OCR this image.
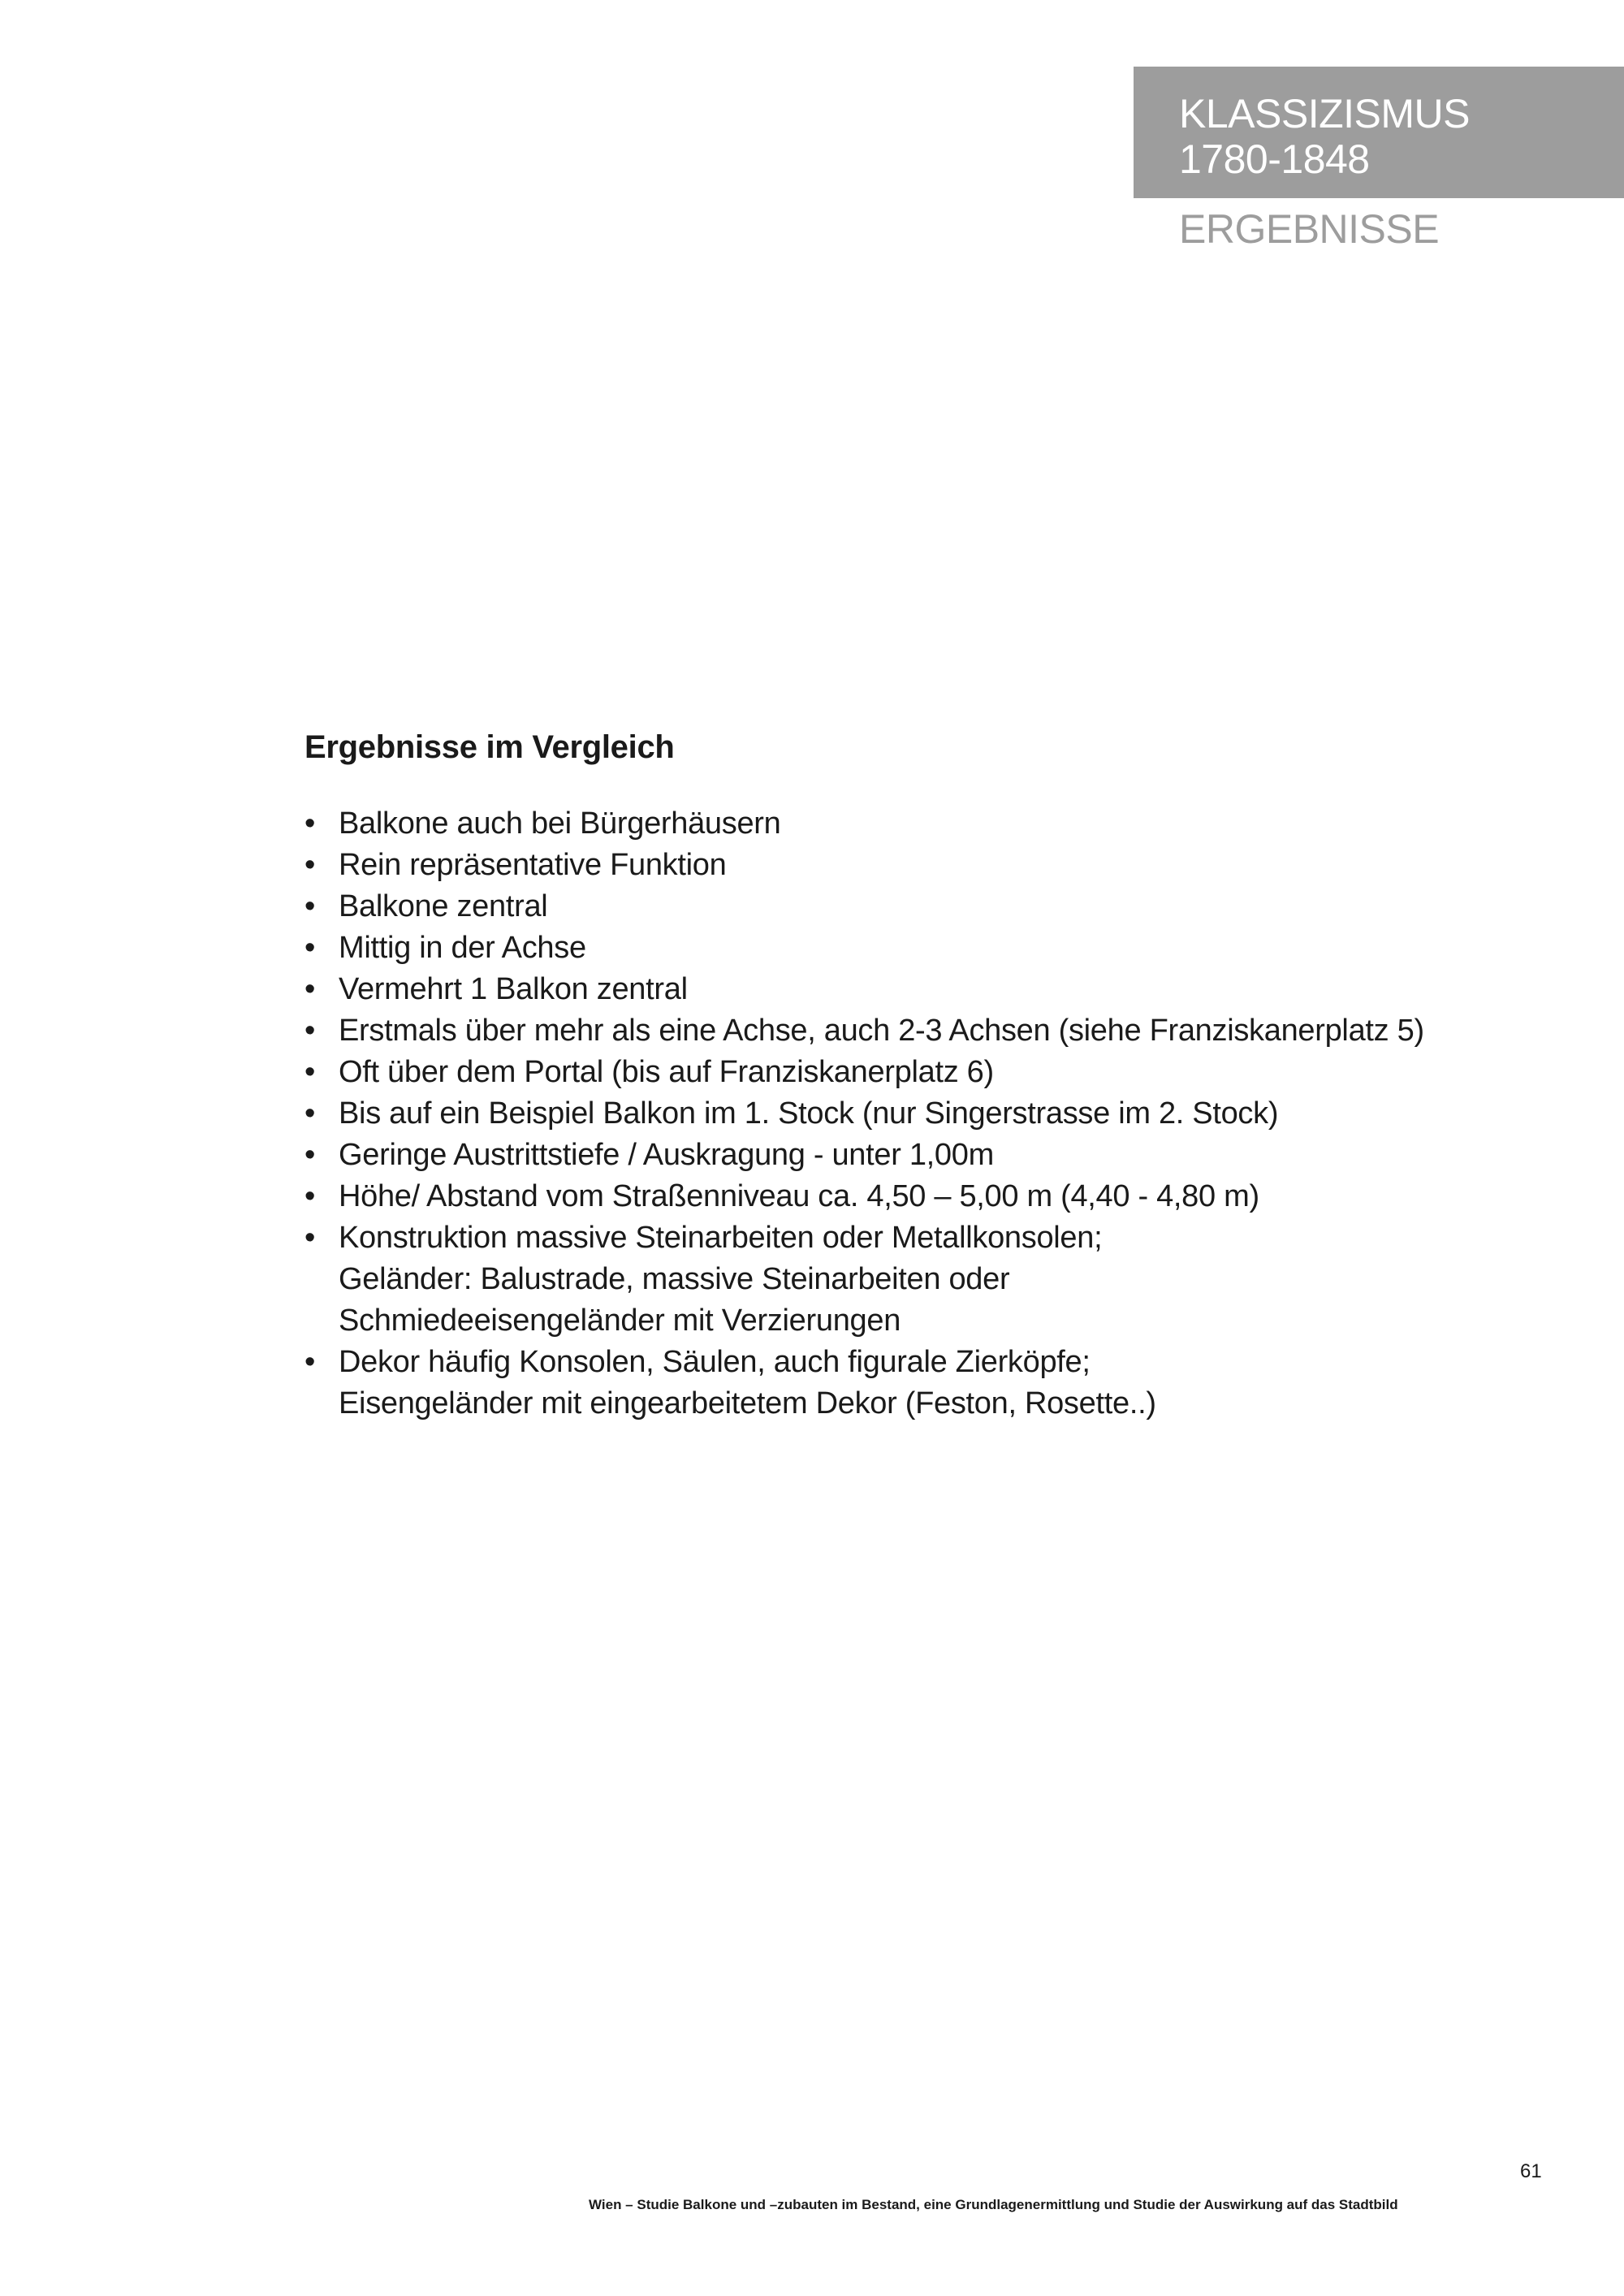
KLASSIZISMUS
1780-1848

ERGEBNISSE
Ergebnisse im Vergleich
• Balkone auch bei Bürgerhäusern
• Rein repräsentative Funktion
• Balkone zentral
• Mittig in der Achse
• Vermehrt 1 Balkon zentral
• Erstmals über mehr als eine Achse, auch 2-3 Achsen (siehe Franziskanerplatz 5)
• Oft über dem Portal (bis auf Franziskanerplatz 6)
• Bis auf ein Beispiel Balkon im 1. Stock (nur Singerstrasse im 2. Stock)
• Geringe Austrittstiefe / Auskragung - unter 1,00m
• Höhe/ Abstand vom Straßenniveau ca. 4,50 – 5,00 m (4,40 - 4,80 m)
• Konstruktion massive Steinarbeiten oder Metallkonsolen;
Geländer: Balustrade, massive Steinarbeiten oder
Schmiedeeisengeländer mit Verzierungen
• Dekor häufig Konsolen, Säulen, auch figurale Zierköpfe;
Eisengeländer mit eingearbeitetem Dekor (Feston, Rosette..)
61
Wien – Studie Balkone und –zubauten im Bestand, eine Grundlagenermittlung und Studie der Auswirkung auf das Stadtbild
